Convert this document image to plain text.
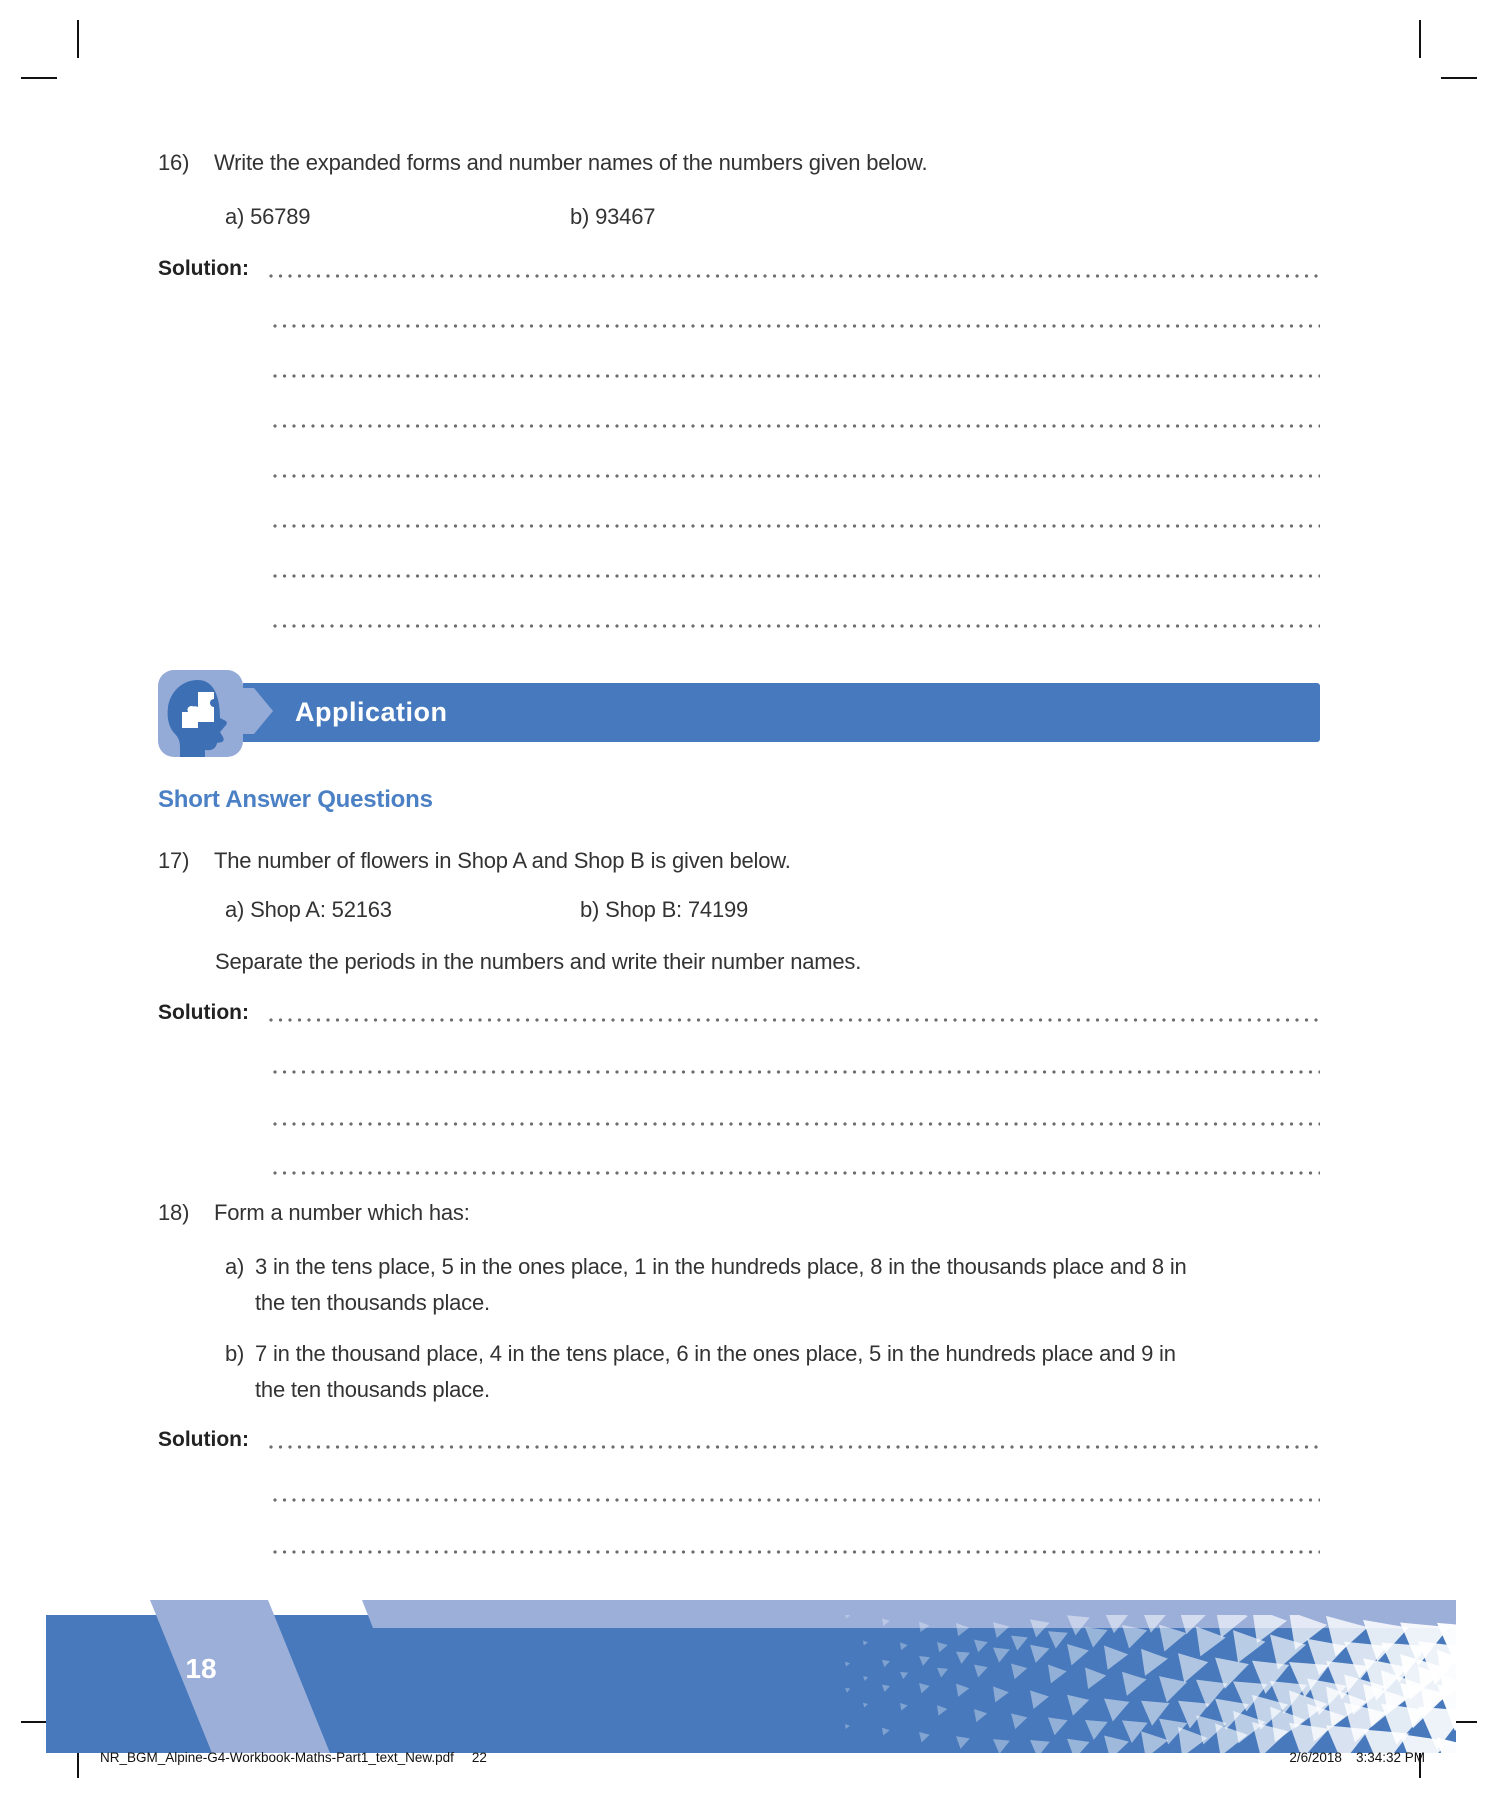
16) Write the expanded forms and number names of the numbers given below.
a) 56789	b) 93467
Solution:
Application
Short Answer Questions
17) The number of flowers in Shop A and Shop B is given below.
a) Shop A: 52163	b) Shop B: 74199
Separate the periods in the numbers and write their number names.
Solution:
18) Form a number which has:
a) 3 in the tens place, 5 in the ones place, 1 in the hundreds place, 8 in the thousands place and 8 in the ten thousands place.
b) 7 in the thousand place, 4 in the tens place, 6 in the ones place, 5 in the hundreds place and 9 in the ten thousands place.
Solution:
18
NR_BGM_Alpine-G4-Workbook-Maths-Part1_text_New.pdf 22	2/6/2018 3:34:32 PM
